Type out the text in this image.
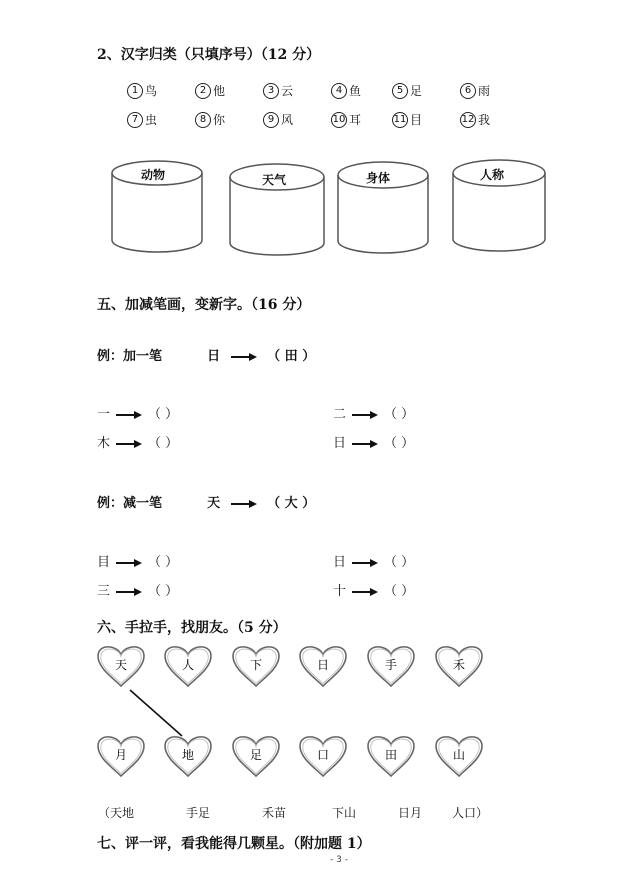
2、汉字归类（只填序号）（12 分）
1 鸟	2 他	3 云	4 鱼	5 足	6 雨
7 虫	8 你	9 风	10 耳	11 目	12 我
动物	天气	身体	人称
五、加减笔画，变新字。（16 分）
例：加一笔	日	（ 田 ）
一	（ ）	二	（ ）
木	（ ）	日	（ ）
例：减一笔	天	（ 大 ）
目	（ ）	日	（ ）
三	（ ）	十	（ ）
六、手拉手，找朋友。（5 分）
天	人	下	日	手	禾
月	地	足	口	田	山
（天地	手足	禾苗	下山	日月 人口）
七、评一评，看我能得几颗星。（附加题 1）
- 3 -
